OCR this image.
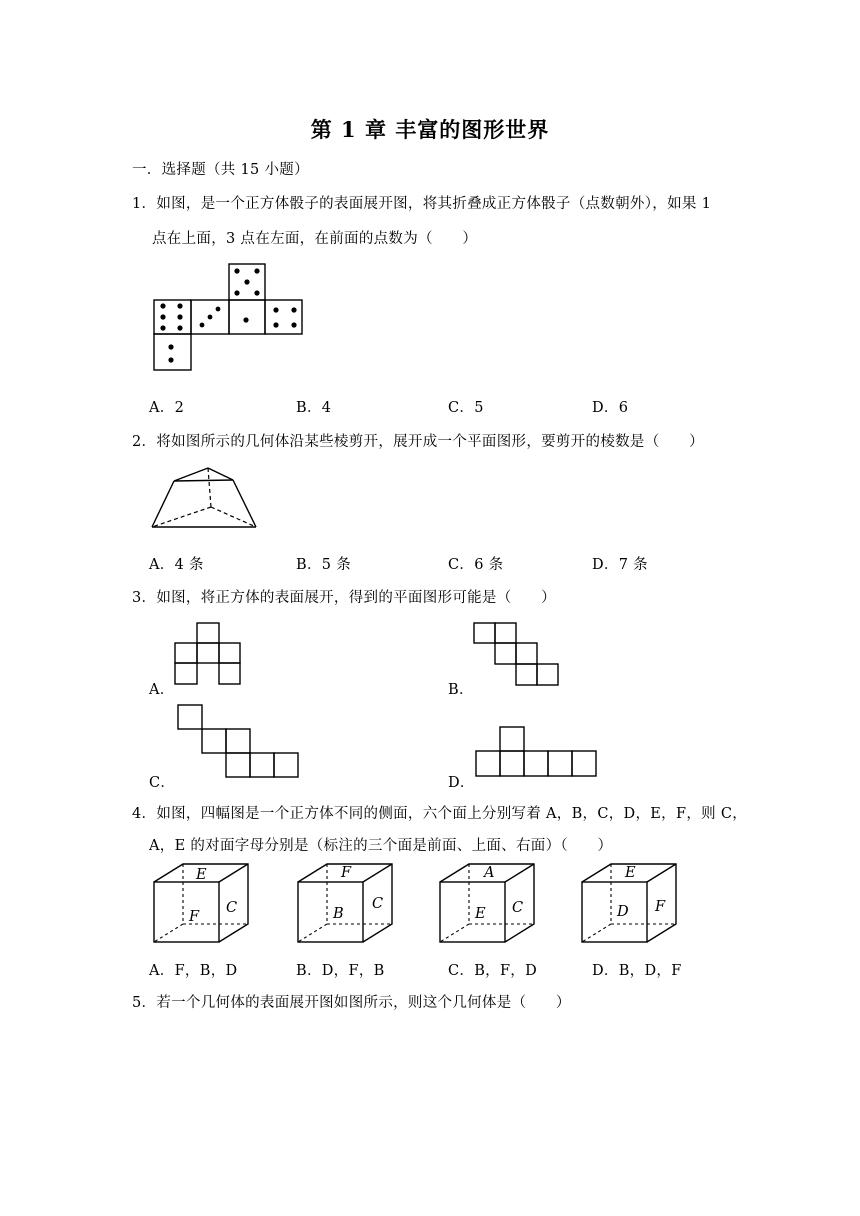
第 1 章 丰富的图形世界
一．选择题（共 15 小题）
1．如图，是一个正方体骰子的表面展开图，将其折叠成正方体骰子（点数朝外），如果 1
点在上面，3 点在左面，在前面的点数为（　　）
A．2	B．4	C．5	D．6
2．将如图所示的几何体沿某些棱剪开，展开成一个平面图形，要剪开的棱数是（　　）
A．4 条	B．5 条	C．6 条	D．7 条
3．如图，将正方体的表面展开，得到的平面图形可能是（　　）
A．	B．
C．	D．
4．如图，四幅图是一个正方体不同的侧面，六个面上分别写着 A，B，C，D，E，F，则 C，
A，E 的对面字母分别是（标注的三个面是前面、上面、右面）（　　）
E
F
C
F
B
C
A
E C
E
D F
A．F，B，D	B．D，F，B	C．B，F，D	D．B，D，F
5．若一个几何体的表面展开图如图所示，则这个几何体是（　　）
